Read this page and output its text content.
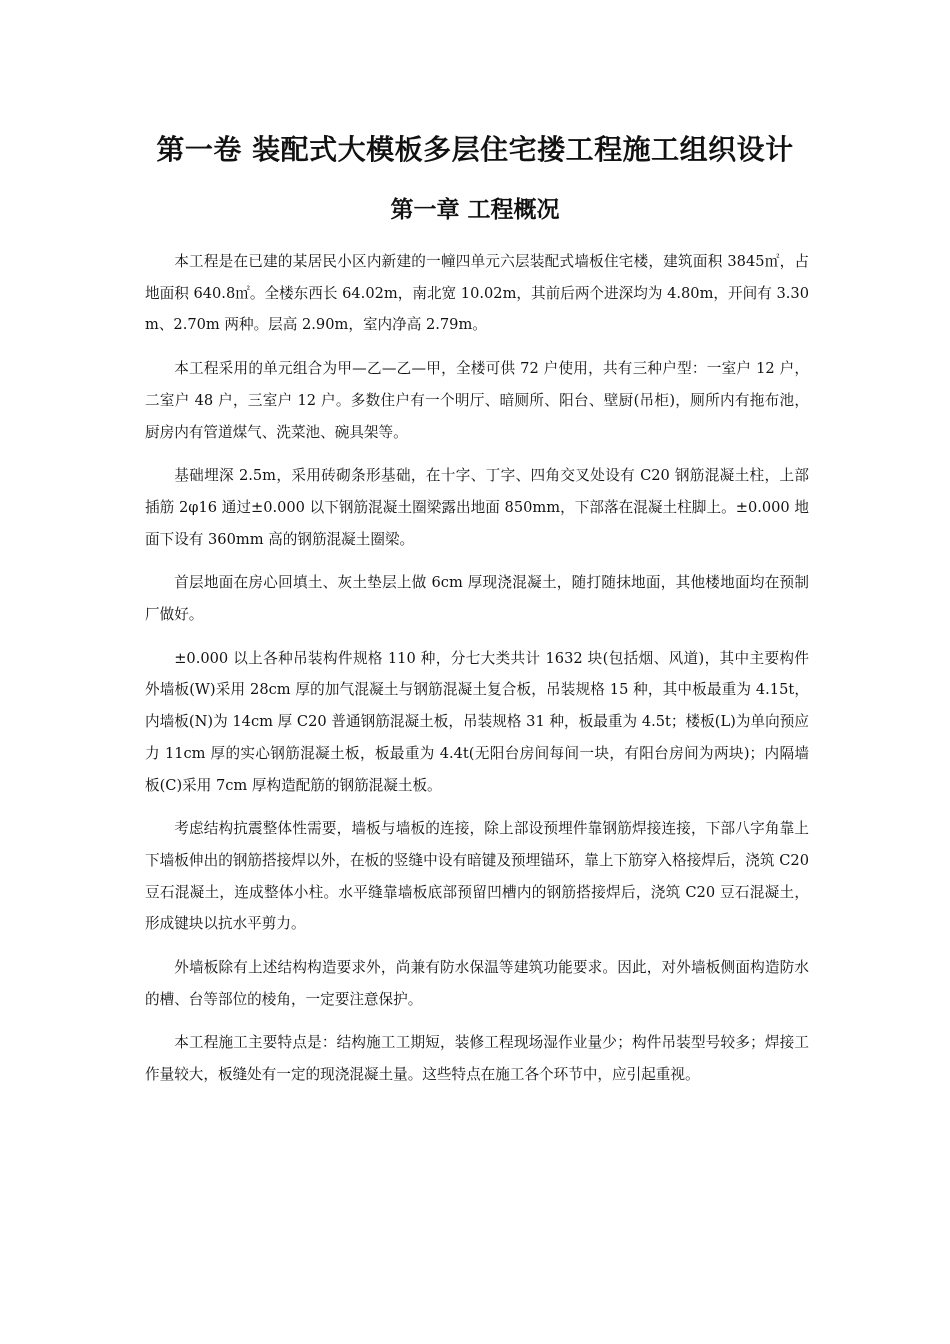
第一卷 装配式大模板多层住宅搂工程施工组织设计
第一章 工程概况

本工程是在已建的某居民小区内新建的一幢四单元六层装配式墙板住宅楼，建筑面积 3845㎡，占地面积 640.8㎡。全楼东西长 64.02m，南北宽 10.02m，其前后两个进深均为 4.80m，开间有 3.30m、2.70m 两种。层高 2.90m，室内净高 2.79m。

本工程采用的单元组合为甲—乙—乙—甲，全楼可供 72 户使用，共有三种户型：一室户 12 户，二室户 48 户，三室户 12 户。多数住户有一个明厅、暗厕所、阳台、壁厨(吊柜)，厕所内有拖布池，厨房内有管道煤气、洗菜池、碗具架等。

基础埋深 2.5m，采用砖砌条形基础，在十字、丁字、四角交叉处设有 C20 钢筋混凝土柱，上部插筋 2φ16 通过±0.000 以下钢筋混凝土圈梁露出地面 850mm，下部落在混凝土柱脚上。±0.000 地面下设有 360mm 高的钢筋混凝土圈梁。

首层地面在房心回填土、灰土垫层上做 6cm 厚现浇混凝土，随打随抹地面，其他楼地面均在预制厂做好。

±0.000 以上各种吊装构件规格 110 种，分七大类共计 1632 块(包括烟、风道)，其中主要构件外墙板(W)采用 28cm 厚的加气混凝土与钢筋混凝土复合板，吊装规格 15 种，其中板最重为 4.15t，内墙板(N)为 14cm 厚 C20 普通钢筋混凝土板，吊装规格 31 种，板最重为 4.5t；楼板(L)为单向预应力 11cm 厚的实心钢筋混凝土板，板最重为 4.4t(无阳台房间每间一块，有阳台房间为两块)；内隔墙板(C)采用 7cm 厚构造配筋的钢筋混凝土板。

考虑结构抗震整体性需要，墙板与墙板的连接，除上部设预埋件靠钢筋焊接连接，下部八字角靠上下墙板伸出的钢筋搭接焊以外，在板的竖缝中设有暗键及预埋锚环，靠上下筋穿入格接焊后，浇筑 C20 豆石混凝土，连成整体小柱。水平缝靠墙板底部预留凹槽内的钢筋搭接焊后，浇筑 C20 豆石混凝土，形成键块以抗水平剪力。

外墙板除有上述结构构造要求外，尚兼有防水保温等建筑功能要求。因此，对外墙板侧面构造防水的槽、台等部位的棱角，一定要注意保护。

本工程施工主要特点是：结构施工工期短，装修工程现场湿作业量少；构件吊装型号较多；焊接工作量较大，板缝处有一定的现浇混凝土量。这些特点在施工各个环节中，应引起重视。
